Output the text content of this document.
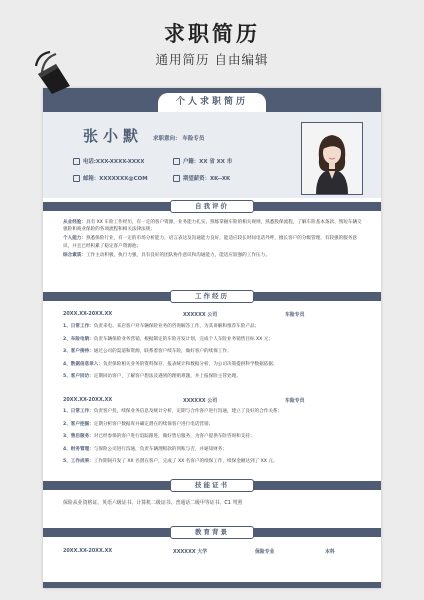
求职简历
通用简历 自由编辑
个人求职简历
张小默 求职意向： 车险专员
电话:XXX-XXXX-XXXX	户籍：XX 省 XX 市
邮箱：XXXXXXX@COM	期望薪资：XK--XK
自我评价
从业经验：具有 XX 车险工作经历，有一定的客户资源，业务能力扎实，熟练掌握车险的相关规则，熟悉股保流程，了解车险基本条款、熟短车辆交强险和商业保险的各项流程和相关法律法规；
个人能力：熟悉保险行业，有一定的市场分析能力，语言表达及沟通能力良好，能适应较长时间电话外呼，擅长客户的分级管理，有较强的服务意识，并且已经积累了稳定客户资源池；
综合素质：工作主动积极，执行力强，具有良好的团队协作意识和沟通能力，能适应较强的工作压力。
工作经历
20XX.XX-20XX.XX	XXXXXX 公司	车险专员
1、日常工作：负责来电、来店客户对车辆保险业务的咨询解答工作，为其讲解和推荐车险产品；
2、车险电销：负责车辆保险业务营销，根据制定的车险开发计划，完成个人车险业务销售目标 XX 元；
3、客户接待：通过公司的渠道和资源，联系着客户续车险，做好客户的续保工作；
4、数据信息录入：负责保险相关业务的资料保存、报表统计和数据分析，为公司决策提供科学数据依据；
5、客户回访：定期回访客户，了解客户想法及遇到的理赔难题，并上报保险主管处理。
20XX.XX-20XX.XX	XXXXXX 公司	车险专员
1、日常工作：负责客户投，续保业务信息及统计分析，定期与合作客户进行沟通，建立了良好的合作关系；
2、客户挖掘：定期分析客户数据库并确定潜在的续保客户进行电话营销；
3、售后服务：对已经参保的客户进行追踪跟进，做好售后服务，为客户提供车险咨询和支持；
4、财务管理：与保险公司进行沟通，负责车辆理赔款的到账与否，并通知财务；
5、工作成果：工作期间开发了 XX 名潜在客户，完成了 XX 名客户的续保工作，续保金额达到了 XX 元。
技能证书
保险从业资格证、英语六级证书、计算机二级证书、普通话二级甲等证书、C1 驾照
教育背景
20XX.XX-20XX.XX	XXXXXX 大学	保险专业	本科
